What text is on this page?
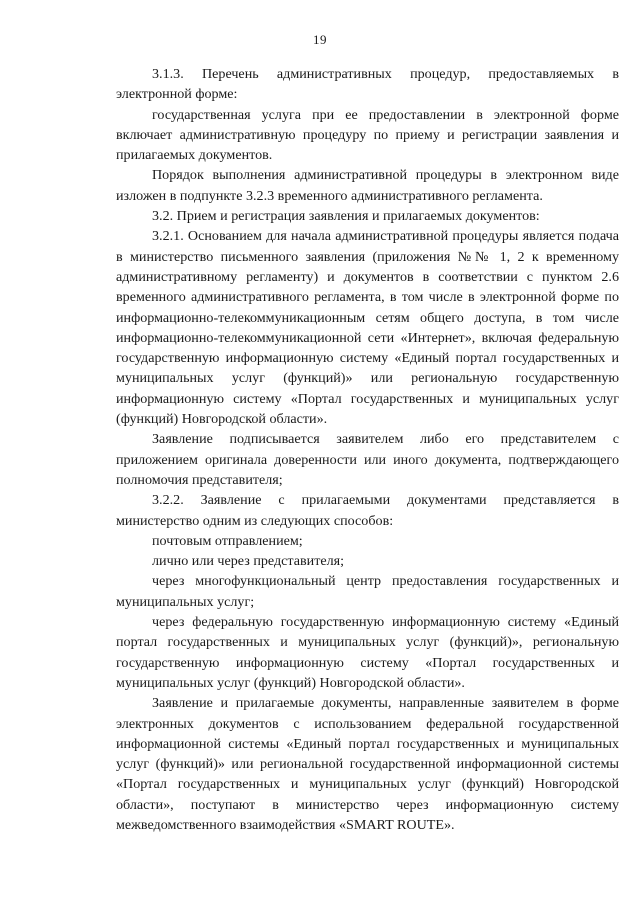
19

3.1.3. Перечень административных процедур, предоставляемых в электронной форме:

государственная услуга при ее предоставлении в электронной форме включает административную процедуру по приему и регистрации заявления и прилагаемых документов.

Порядок выполнения административной процедуры в электронном виде изложен в подпункте 3.2.3 временного административного регламента.

3.2. Прием и регистрация заявления и прилагаемых документов:

3.2.1. Основанием для начала административной процедуры является подача в министерство письменного заявления (приложения №№ 1, 2 к временному административному регламенту) и документов в соответствии с пунктом 2.6 временного административного регламента, в том числе в электронной форме по информационно-телекоммуникационным сетям общего доступа, в том числе информационно-телекоммуникационной сети «Интернет», включая федеральную государственную информационную систему «Единый портал государственных и муниципальных услуг (функций)» или региональную государственную информационную систему «Портал государственных и муниципальных услуг (функций) Новгородской области».

Заявление подписывается заявителем либо его представителем с приложением оригинала доверенности или иного документа, подтверждающего полномочия представителя;

3.2.2. Заявление с прилагаемыми документами представляется в министерство одним из следующих способов:

почтовым отправлением;

лично или через представителя;

через многофункциональный центр предоставления государственных и муниципальных услуг;

через федеральную государственную информационную систему «Единый портал государственных и муниципальных услуг (функций)», региональную государственную информационную систему «Портал государственных и муниципальных услуг (функций) Новгородской области».

Заявление и прилагаемые документы, направленные заявителем в форме электронных документов с использованием федеральной государственной информационной системы «Единый портал государственных и муниципальных услуг (функций)» или региональной государственной информационной системы «Портал государственных и муниципальных услуг (функций) Новгородской области», поступают в министерство через информационную систему межведомственного взаимодействия «SMART ROUTE».
